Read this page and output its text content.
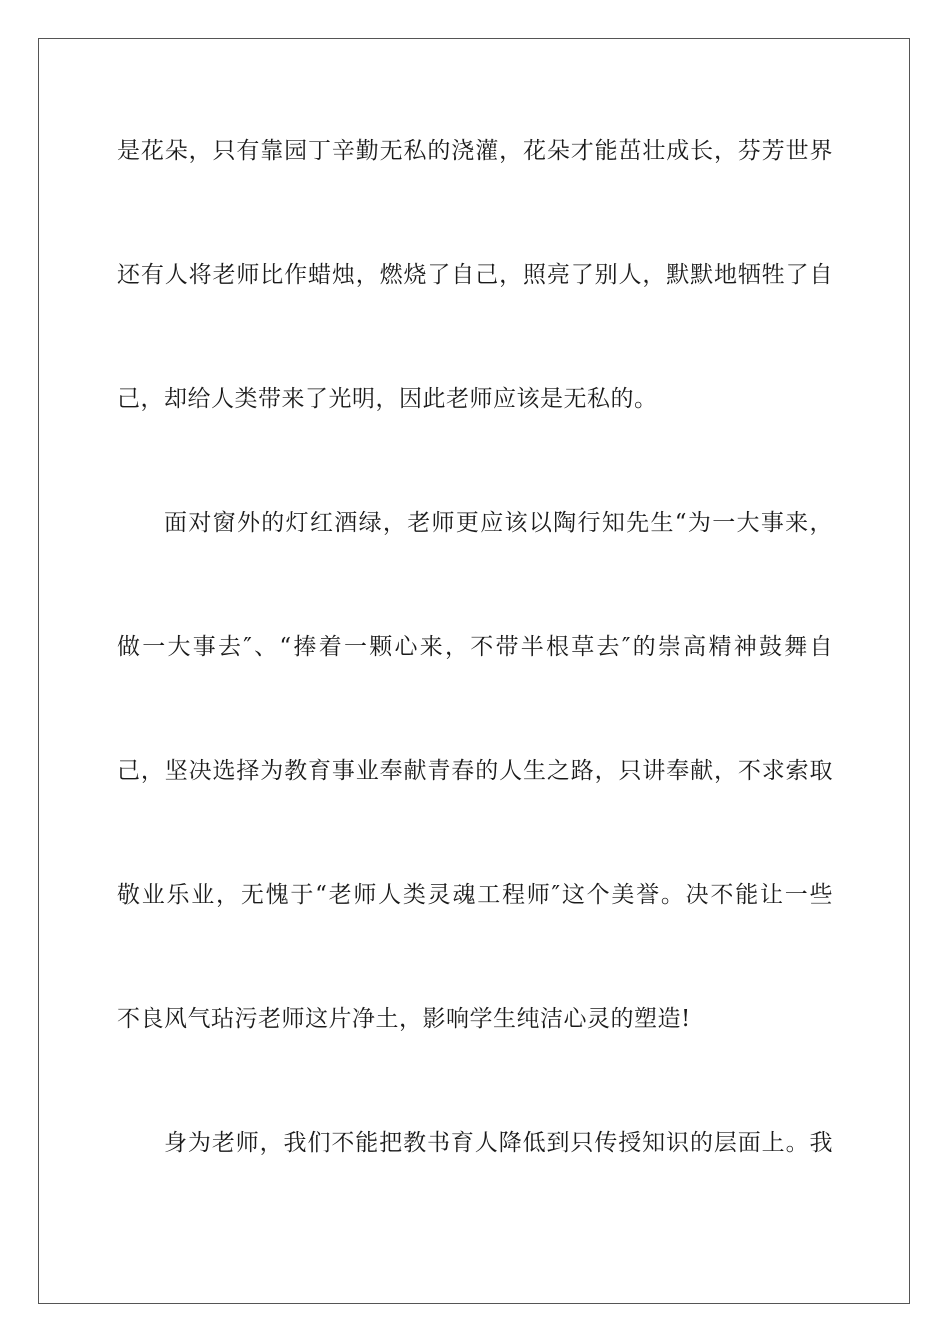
是花朵，只有靠园丁辛勤无私的浇灌，花朵才能茁壮成长，芬芳世界
还有人将老师比作蜡烛，燃烧了自己，照亮了别人，默默地牺牲了自
己，却给人类带来了光明，因此老师应该是无私的。
面对窗外的灯红酒绿，老师更应该以陶行知先生“为一大事来，
做一大事去″、“捧着一颗心来，不带半根草去″的崇高精神鼓舞自
己，坚决选择为教育事业奉献青春的人生之路，只讲奉献，不求索取
敬业乐业，无愧于“老师人类灵魂工程师″这个美誉。决不能让一些
不良风气玷污老师这片净土，影响学生纯洁心灵的塑造!
身为老师，我们不能把教书育人降低到只传授知识的层面上。我
